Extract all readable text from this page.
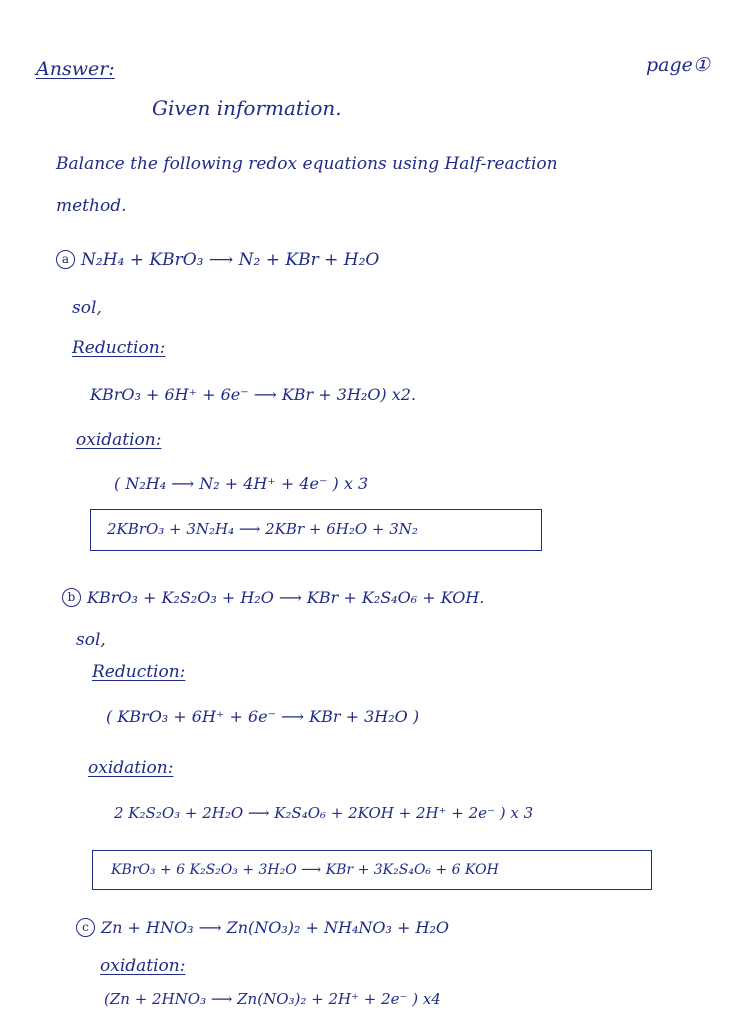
Answer:	page①
Given information.
Balance the following redox equations using Half-reaction
method.
a N₂H₄ + KBrO₃ ⟶ N₂ + KBr + H₂O
sol,
Reduction:
KBrO₃ + 6H⁺ + 6e⁻ ⟶ KBr + 3H₂O) x2.
oxidation:
( N₂H₄ ⟶ N₂ + 4H⁺ + 4e⁻ ) x 3
2KBrO₃ + 3N₂H₄ ⟶ 2KBr + 6H₂O + 3N₂
b KBrO₃ + K₂S₂O₃ + H₂O ⟶ KBr + K₂S₄O₆ + KOH.
sol,
Reduction:
( KBrO₃ + 6H⁺ + 6e⁻ ⟶ KBr + 3H₂O )
oxidation:
2 K₂S₂O₃ + 2H₂O ⟶ K₂S₄O₆ + 2KOH + 2H⁺ + 2e⁻ ) x 3
KBrO₃ + 6 K₂S₂O₃ + 3H₂O ⟶ KBr + 3K₂S₄O₆ + 6 KOH
c Zn + HNO₃ ⟶ Zn(NO₃)₂ + NH₄NO₃ + H₂O
oxidation:
(Zn + 2HNO₃ ⟶ Zn(NO₃)₂ + 2H⁺ + 2e⁻ ) x4
